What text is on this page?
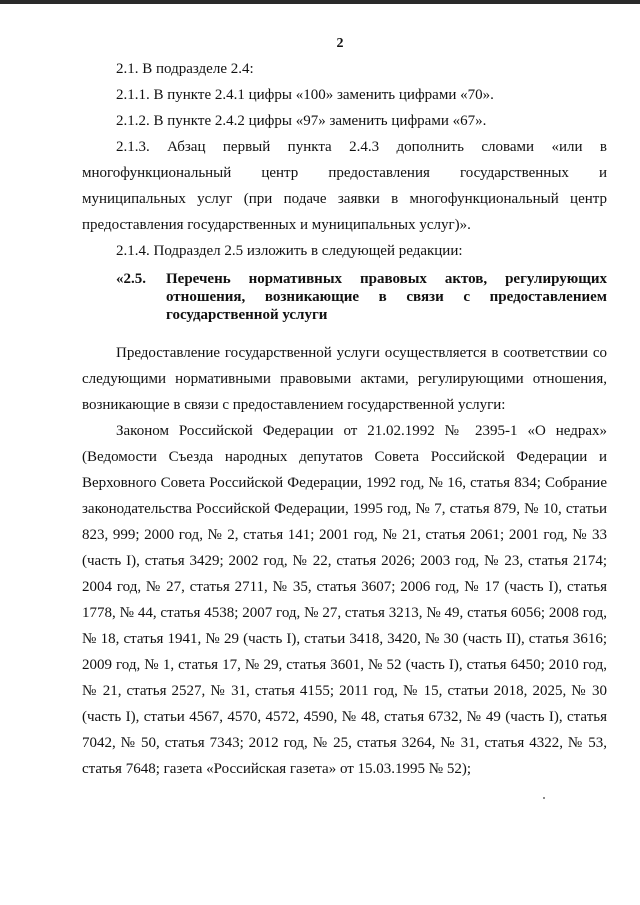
2

2.1. В подразделе 2.4:

2.1.1. В пункте 2.4.1 цифры «100» заменить цифрами «70».

2.1.2. В пункте 2.4.2 цифры «97» заменить цифрами «67».

2.1.3. Абзац первый пункта 2.4.3 дополнить словами «или в многофункциональный центр предоставления государственных и муниципальных услуг (при подаче заявки в многофункциональный центр предоставления государственных и муниципальных услуг)».

2.1.4. Подраздел 2.5 изложить в следующей редакции:

«2.5.	Перечень нормативных правовых актов, регулирующих отношения, возникающие в связи с предоставлением государственной услуги

Предоставление государственной услуги осуществляется в соответствии со следующими нормативными правовыми актами, регулирующими отношения, возникающие в связи с предоставлением государственной услуги:

Законом Российской Федерации от 21.02.1992 № 2395-1 «О недрах» (Ведомости Съезда народных депутатов Совета Российской Федерации и Верховного Совета Российской Федерации, 1992 год, № 16, статья 834; Собрание законодательства Российской Федерации, 1995 год, № 7, статья 879, № 10, статьи 823, 999; 2000 год, № 2, статья 141; 2001 год, № 21, статья 2061; 2001 год, № 33 (часть I), статья 3429; 2002 год, № 22, статья 2026; 2003 год, № 23, статья 2174; 2004 год, № 27, статья 2711, № 35, статья 3607; 2006 год, № 17 (часть I), статья 1778, № 44, статья 4538; 2007 год, № 27, статья 3213, № 49, статья 6056; 2008 год, № 18, статья 1941, № 29 (часть I), статьи 3418, 3420, № 30 (часть II), статья 3616; 2009 год, № 1, статья 17, № 29, статья 3601, № 52 (часть I), статья 6450; 2010 год, № 21, статья 2527, № 31, статья 4155; 2011 год, № 15, статьи 2018, 2025, № 30 (часть I), статьи 4567, 4570, 4572, 4590, № 48, статья 6732, № 49 (часть I), статья 7042, № 50, статья 7343; 2012 год, № 25, статья 3264, № 31, статья 4322, № 53, статья 7648; газета «Российская газета» от 15.03.1995 № 52);
